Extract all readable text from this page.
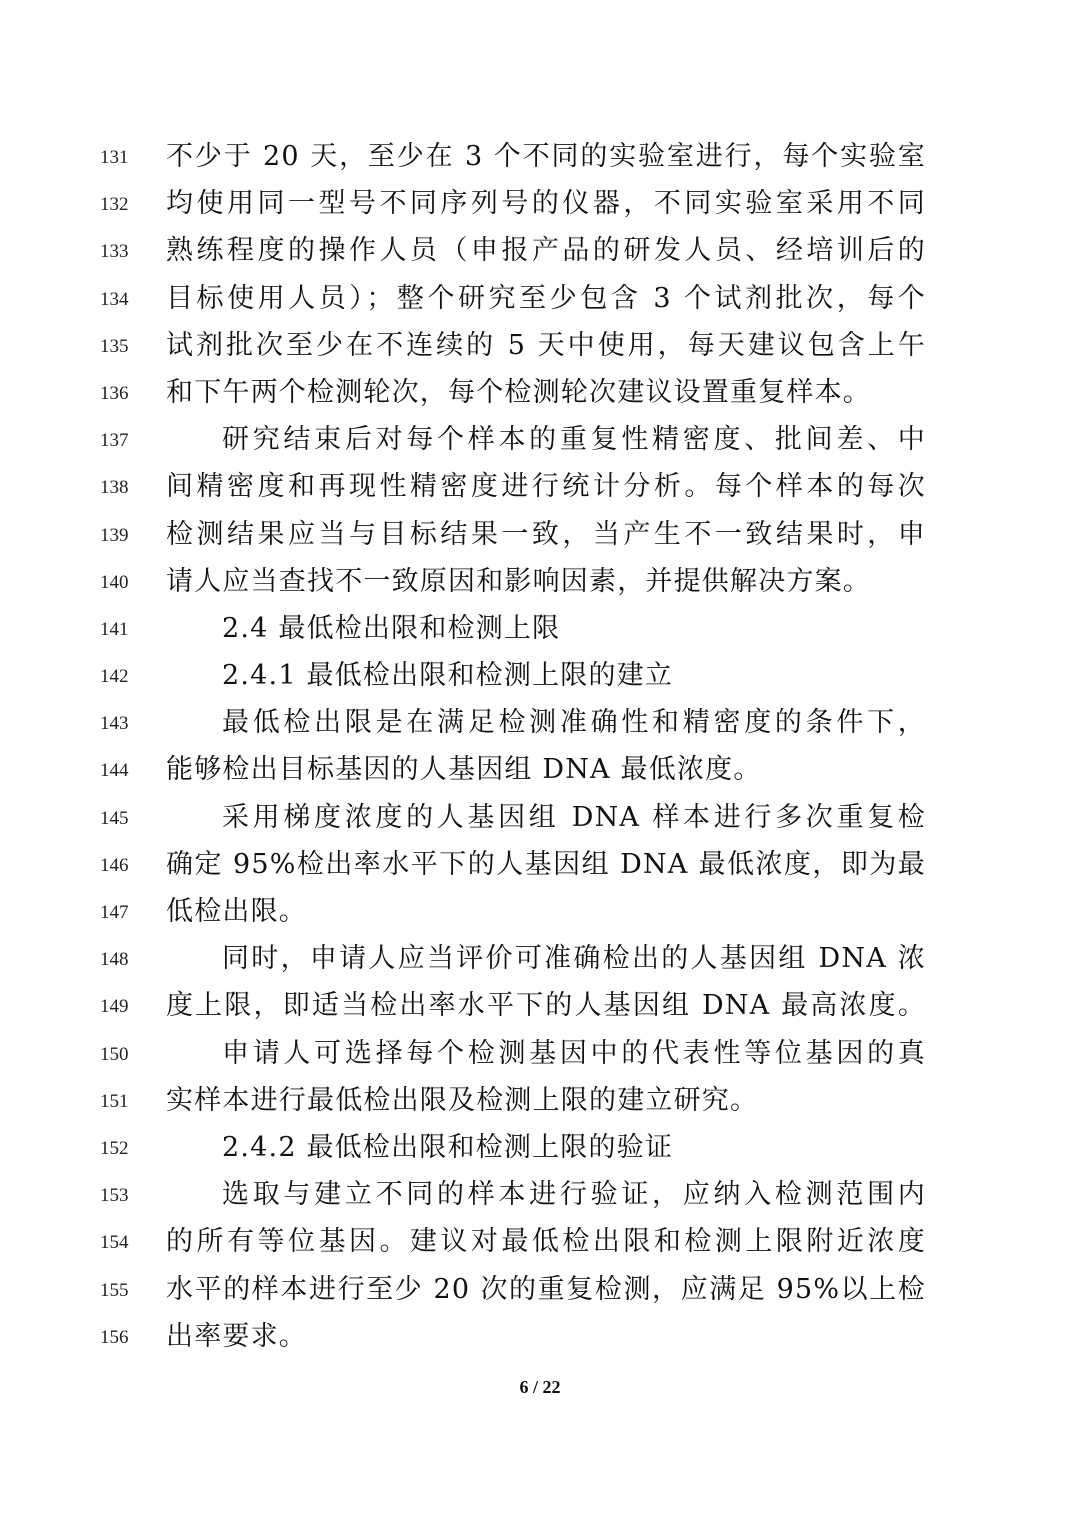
131 不少于 20 天，至少在 3 个不同的实验室进行，每个实验室
132 均使用同一型号不同序列号的仪器，不同实验室采用不同
133 熟练程度的操作人员（申报产品的研发人员、经培训后的
134 目标使用人员）；整个研究至少包含 3 个试剂批次，每个
135 试剂批次至少在不连续的 5 天中使用，每天建议包含上午
136 和下午两个检测轮次，每个检测轮次建议设置重复样本。
137	研究结束后对每个样本的重复性精密度、批间差、中
138 间精密度和再现性精密度进行统计分析。每个样本的每次
139 检测结果应当与目标结果一致，当产生不一致结果时，申
140 请人应当查找不一致原因和影响因素，并提供解决方案。
141	2.4 最低检出限和检测上限
142	2.4.1 最低检出限和检测上限的建立
143	最低检出限是在满足检测准确性和精密度的条件下，
144 能够检出目标基因的人基因组 DNA 最低浓度。
145	采用梯度浓度的人基因组 DNA 样本进行多次重复检
146 确定 95%检出率水平下的人基因组 DNA 最低浓度，即为最
147 低检出限。
148	同时，申请人应当评价可准确检出的人基因组 DNA 浓
149 度上限，即适当检出率水平下的人基因组 DNA 最高浓度。
150	申请人可选择每个检测基因中的代表性等位基因的真
151 实样本进行最低检出限及检测上限的建立研究。
152	2.4.2 最低检出限和检测上限的验证
153	选取与建立不同的样本进行验证，应纳入检测范围内
154 的所有等位基因。建议对最低检出限和检测上限附近浓度
155 水平的样本进行至少 20 次的重复检测，应满足 95%以上检
156 出率要求。
6 / 22
